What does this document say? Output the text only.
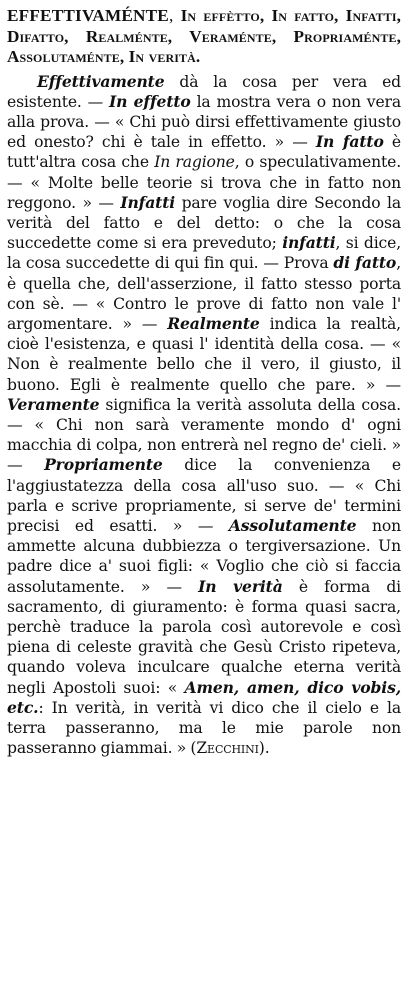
EFFETTIVAMÉNTE, In effètto, In fatto, Infatti, Difatto, Realménte, Veraménte, Propriaménte, Assolutaménte, In verità.

Effettivamente dà la cosa per vera ed esistente. — In effetto la mostra vera o non vera alla prova. — « Chi può dirsi effettivamente giusto ed onesto? chi è tale in effetto. » — In fatto è tutt'altra cosa che In ragione, o speculativamente. — « Molte belle teorie si trova che in fatto non reggono. » — Infatti pare voglia dire Secondo la verità del fatto e del detto: o che la cosa succedette come si era preveduto; infatti, si dice, la cosa succedette di qui fin qui. — Prova di fatto, è quella che, dell'asserzione, il fatto stesso porta con sè. — « Contro le prove di fatto non vale l' argomentare. » — Realmente indica la realtà, cioè l'esistenza, e quasi l' identità della cosa. — « Non è realmente bello che il vero, il giusto, il buono. Egli è realmente quello che pare. » — Veramente significa la verità assoluta della cosa. — « Chi non sarà veramente mondo d' ogni macchia di colpa, non entrerà nel regno de' cieli. » — Propriamente dice la convenienza e l'aggiustatezza della cosa all'uso suo. — « Chi parla e scrive propriamente, si serve de' termini precisi ed esatti. » — Assolutamente non ammette alcuna dubbiezza o tergiversazione. Un padre dice a' suoi figli: « Voglio che ciò si faccia assolutamente. » — In verità è forma di sacramento, di giuramento: è forma quasi sacra, perchè traduce la parola così autorevole e così piena di celeste gravità che Gesù Cristo ripeteva, quando voleva inculcare qualche eterna verità negli Apostoli suoi: « Amen, amen, dico vobis, etc.: In verità, in verità vi dico che il cielo e la terra passeranno, ma le mie parole non passeranno giammai. » (Zecchini).
